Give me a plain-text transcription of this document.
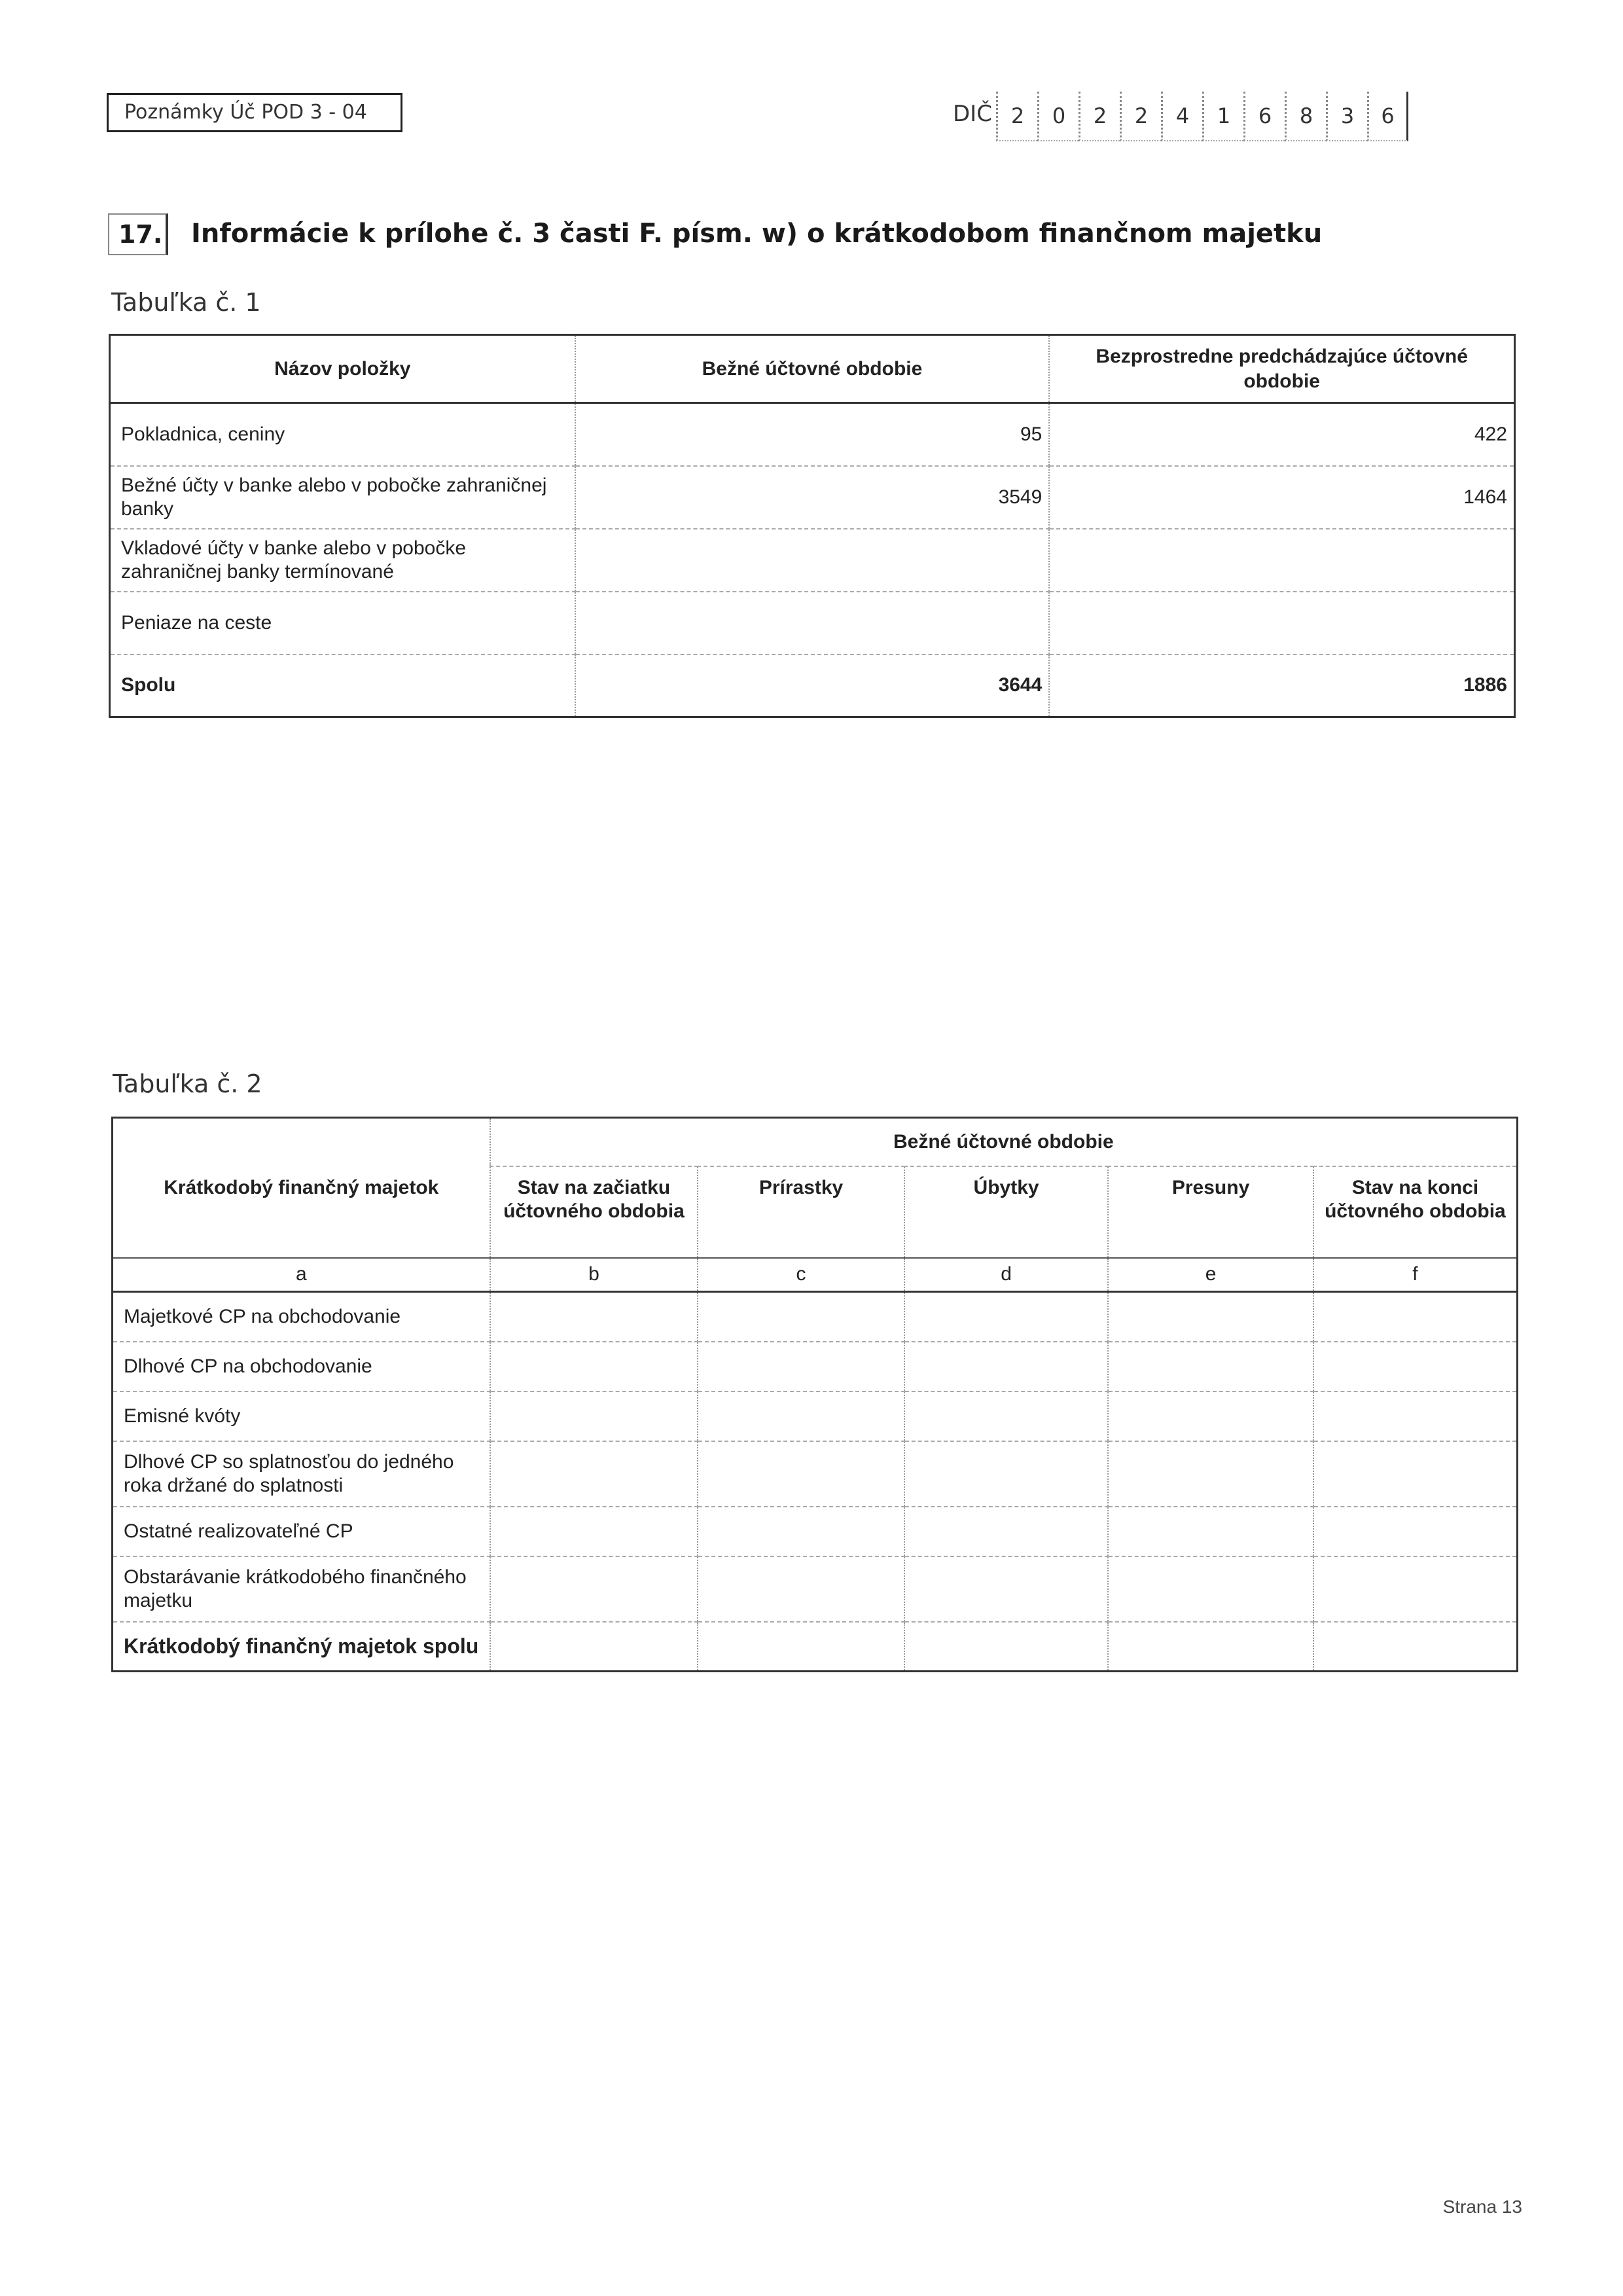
Poznámky Úč POD 3 - 04	DIČ 2	0	2	2	4	1	6	8	3	6
17. Informácie k prílohe č. 3 časti F. písm. w) o krátkodobom finančnom majetku
Tabuľka č. 1
Názov položky	Bežné účtovné obdobie	Bezprostredne predchádzajúce účtovné obdobie
Pokladnica, ceniny	95	422
Bežné účty v banke alebo v pobočke zahraničnej banky	3549	1464
Vkladové účty v banke alebo v pobočke zahraničnej banky termínované		
Peniaze na ceste		
Spolu	3644	1886
Tabuľka č. 2
Krátkodobý finančný majetok	Bežné účtovné obdobie				
	Stav na začiatku účtovného obdobia	Prírastky	Úbytky	Presuny	Stav na konci účtovného obdobia
a	b	c	d	e	f
Majetkové CP na obchodovanie					
Dlhové CP na obchodovanie					
Emisné kvóty					
Dlhové CP so splatnosťou do jedného roka držané do splatnosti					
Ostatné realizovateľné CP					
Obstarávanie krátkodobého finančného majetku					
Krátkodobý finančný majetok spolu					
Strana 13
